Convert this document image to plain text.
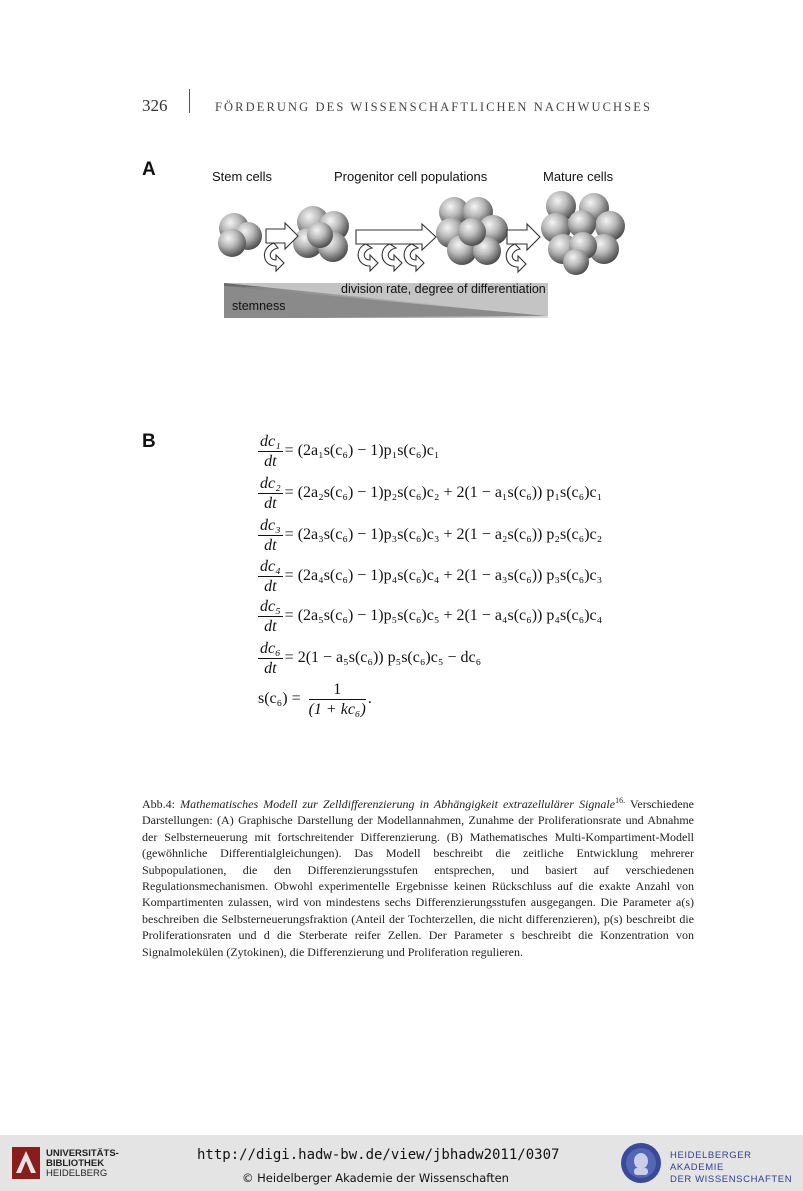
326	FÖRDERUNG DES WISSENSCHAFTLICHEN NACHWUCHSES
A	Stem cells	Progenitor cell populations	Mature cells
division rate, degree of differentiation
stemness
B	$\frac{\text{dc₁}}{dt} = (2a_1s(c_6) - 1)p_1s(c_6)c_1$
$\frac{\text{dc₂}}{dt} = (2a_2s(c_6) - 1)p_2s(c_6)c_2 + 2(1 - a_1s(c_6))$ p₁s(c₆)c₁
$\frac{\text{dc₃}}{dt} = (2a_3s(c_6) - 1)p_3s(c_6)c_3 + 2(1 - a_2s(c_6))$ p₂s(c₆)c₂
$\frac{\text{dc₄}}{dt} = (2a_4s(c_6) - 1)p_4s(c_6)c_4 + 2(1 - a_3s(c_6))$ p₃s(c₆)c₃
$\frac{\text{dc₅}}{dt} = (2a_5s(c_6) - 1)p_5s(c_6)c_5 + 2(1 - a_4s(c_6))$ p₄s(c₆)c₄
$\frac{\text{dc₆}}{dt} = 2(1 - a_5s(c_6)) p_5s(c_6)c_5 - dc_6$
$s(c_6) = \frac{1}{\text{(1 + kc₆)}}$ .
Abb.4: Mathematisches Modell zur Zelldifferenzierung in Abhängigkeit extrazellulärer Signale$^{16.}$ Verschiedene Darstellungen: (A) Graphische Darstellung der Modellannahmen, Zunahme der Proliferationsrate und Abnahme der Selbsterneuerung mit fortschreitender Differenzierung. (B) Mathematisches Multi-Kompartiment-Modell (gewöhnliche Differentialgleichungen). Das Modell beschreibt die zeitliche Entwicklung mehrerer Subpopulationen, die den Differenzierungsstufen entsprechen, und basiert auf verschiedenen Regulationsmechanismen. Obwohl experimentelle Ergebnisse keinen Rückschluss auf die exakte Anzahl von Kompartimenten zulassen, wird von mindestens sechs Differenzierungsstufen ausgegangen. Die Parameter a(s) beschreiben die Selbsterneuerungsfraktion (Anteil der Tochterzellen, die nicht differenzieren), p(s) beschreibt die Proliferationsraten und d die Sterberate reifer Zellen. Der Parameter s beschreibt die Konzentration von Signalmolekülen (Zytokinen), die Differenzierung und Proliferation regulieren.
UNIVERSITÄTS-
BIBLIOTHEK
HEIDELBERG
http://digi.hadw-bw.de/view/jbhadw2011/0307
© Heidelberger Akademie der Wissenschaften
HEIDELBERGER AKADEMIE
DER WISSENSCHAFTEN
